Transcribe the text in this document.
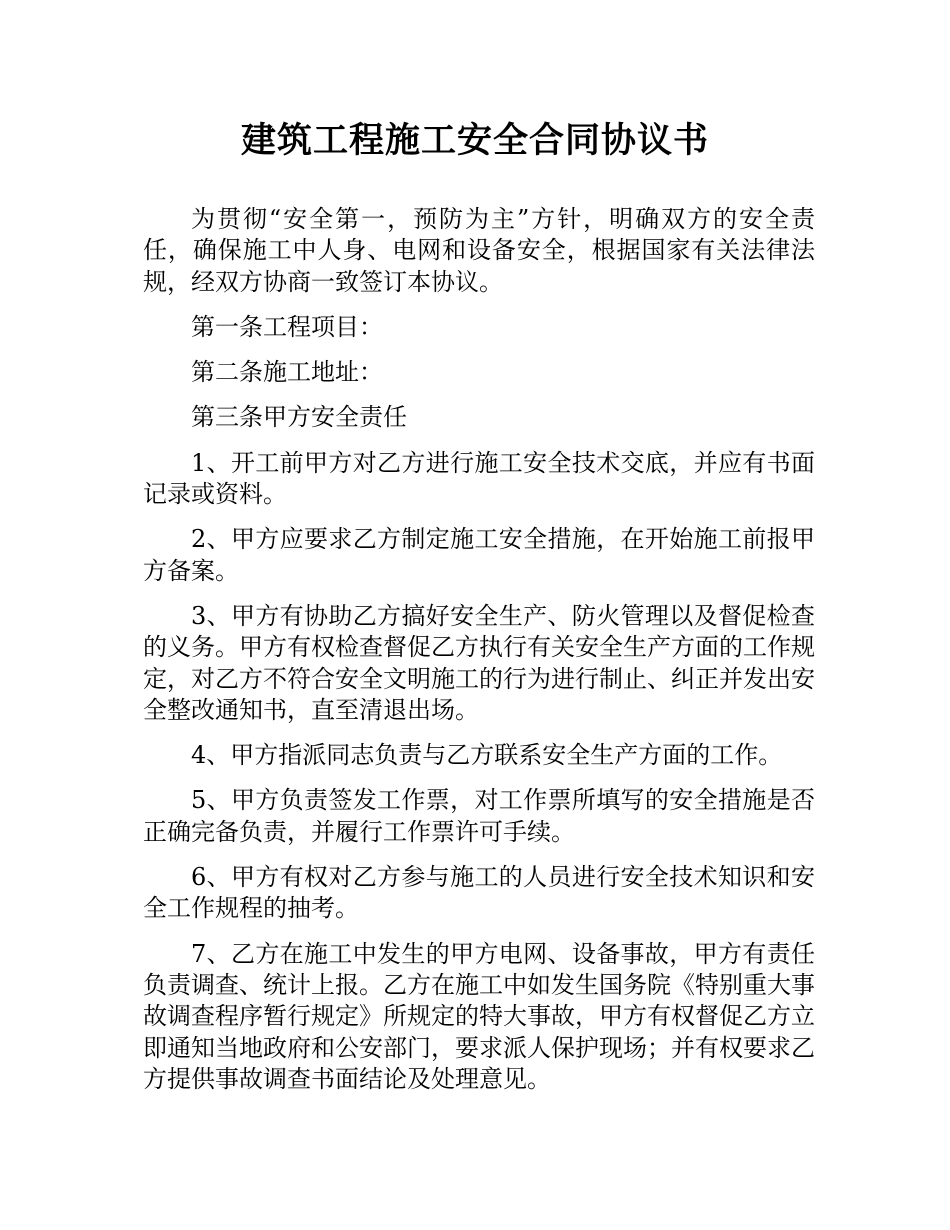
建筑工程施工安全合同协议书

为贯彻“安全第一，预防为主”方针，明确双方的安全责任，确保施工中人身、电网和设备安全，根据国家有关法律法规，经双方协商一致签订本协议。

第一条工程项目：

第二条施工地址：

第三条甲方安全责任

1、开工前甲方对乙方进行施工安全技术交底，并应有书面记录或资料。

2、甲方应要求乙方制定施工安全措施，在开始施工前报甲方备案。

3、甲方有协助乙方搞好安全生产、防火管理以及督促检查的义务。甲方有权检查督促乙方执行有关安全生产方面的工作规定，对乙方不符合安全文明施工的行为进行制止、纠正并发出安全整改通知书，直至清退出场。

4、甲方指派同志负责与乙方联系安全生产方面的工作。

5、甲方负责签发工作票，对工作票所填写的安全措施是否正确完备负责，并履行工作票许可手续。

6、甲方有权对乙方参与施工的人员进行安全技术知识和安全工作规程的抽考。

7、乙方在施工中发生的甲方电网、设备事故，甲方有责任负责调查、统计上报。乙方在施工中如发生国务院《特别重大事故调查程序暂行规定》所规定的特大事故，甲方有权督促乙方立即通知当地政府和公安部门，要求派人保护现场；并有权要求乙方提供事故调查书面结论及处理意见。
